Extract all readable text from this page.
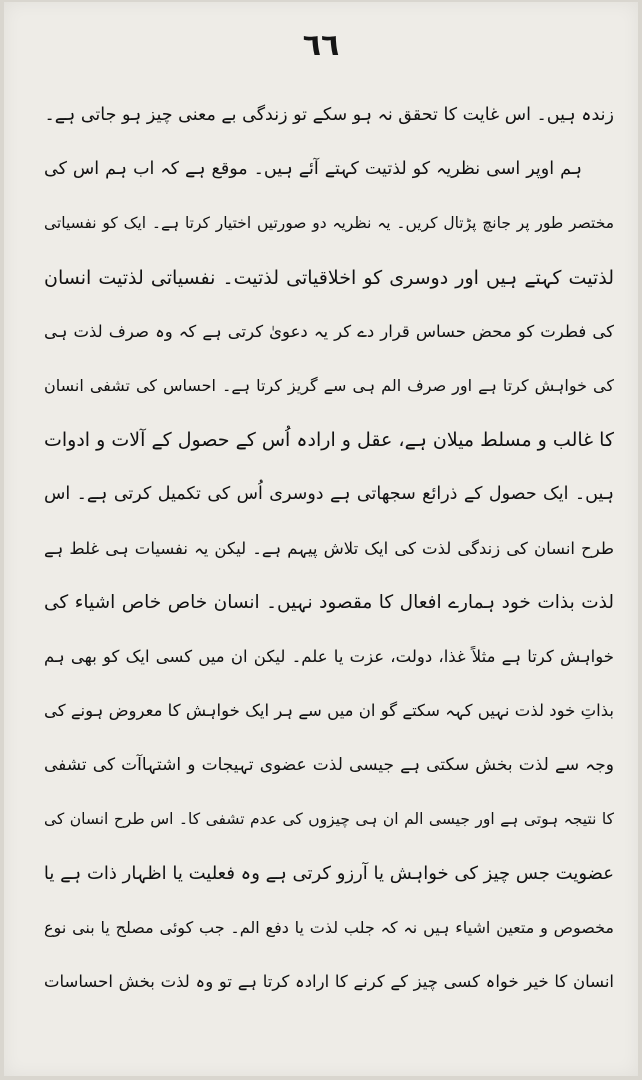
٦٦
زندہ ہیں۔ اس غایت کا تحقق نہ ہو سکے تو زندگی بے معنی چیز ہو جاتی ہے۔
ہم اوپر اسی نظریہ کو لذتیت کہتے آئے ہیں۔ موقع ہے کہ اب ہم اس کی
مختصر طور پر جانچ پڑتال کریں۔ یہ نظریہ دو صورتیں اختیار کرتا ہے۔ ایک کو نفسیاتی
لذتیت کہتے ہیں اور دوسری کو اخلاقیاتی لذتیت۔ نفسیاتی لذتیت انسان
کی فطرت کو محض حساس قرار دے کر یہ دعویٰ کرتی ہے کہ وہ صرف لذت ہی
کی خواہش کرتا ہے اور صرف الم ہی سے گریز کرتا ہے۔ احساس کی تشفی انسان
کا غالب و مسلط میلان ہے، عقل و ارادہ اُس کے حصول کے آلات و ادوات
ہیں۔ ایک حصول کے ذرائع سجھاتی ہے دوسری اُس کی تکمیل کرتی ہے۔ اس
طرح انسان کی زندگی لذت کی ایک تلاش پیہم ہے۔ لیکن یہ نفسیات ہی غلط ہے
لذت بذات خود ہمارے افعال کا مقصود نہیں۔ انسان خاص خاص اشیاء کی
خواہش کرتا ہے مثلاً غذا، دولت، عزت یا علم۔ لیکن ان میں کسی ایک کو بھی ہم
بذاتِ خود لذت نہیں کہہ سکتے گو ان میں سے ہر ایک خواہش کا معروض ہونے کی
وجہ سے لذت بخش سکتی ہے جیسی لذت عضوی تہیجات و اشتہاآت کی تشفی
کا نتیجہ ہوتی ہے اور جیسی الم ان ہی چیزوں کی عدم تشفی کا۔ اس طرح انسان کی
عضویت جس چیز کی خواہش یا آرزو کرتی ہے وہ فعلیت یا اظہار ذات ہے یا
مخصوص و متعین اشیاء ہیں نہ کہ جلب لذت یا دفع الم۔ جب کوئی مصلح یا بنی نوع
انسان کا خیر خواہ کسی چیز کے کرنے کا ارادہ کرتا ہے تو وہ لذت بخش احساسات
